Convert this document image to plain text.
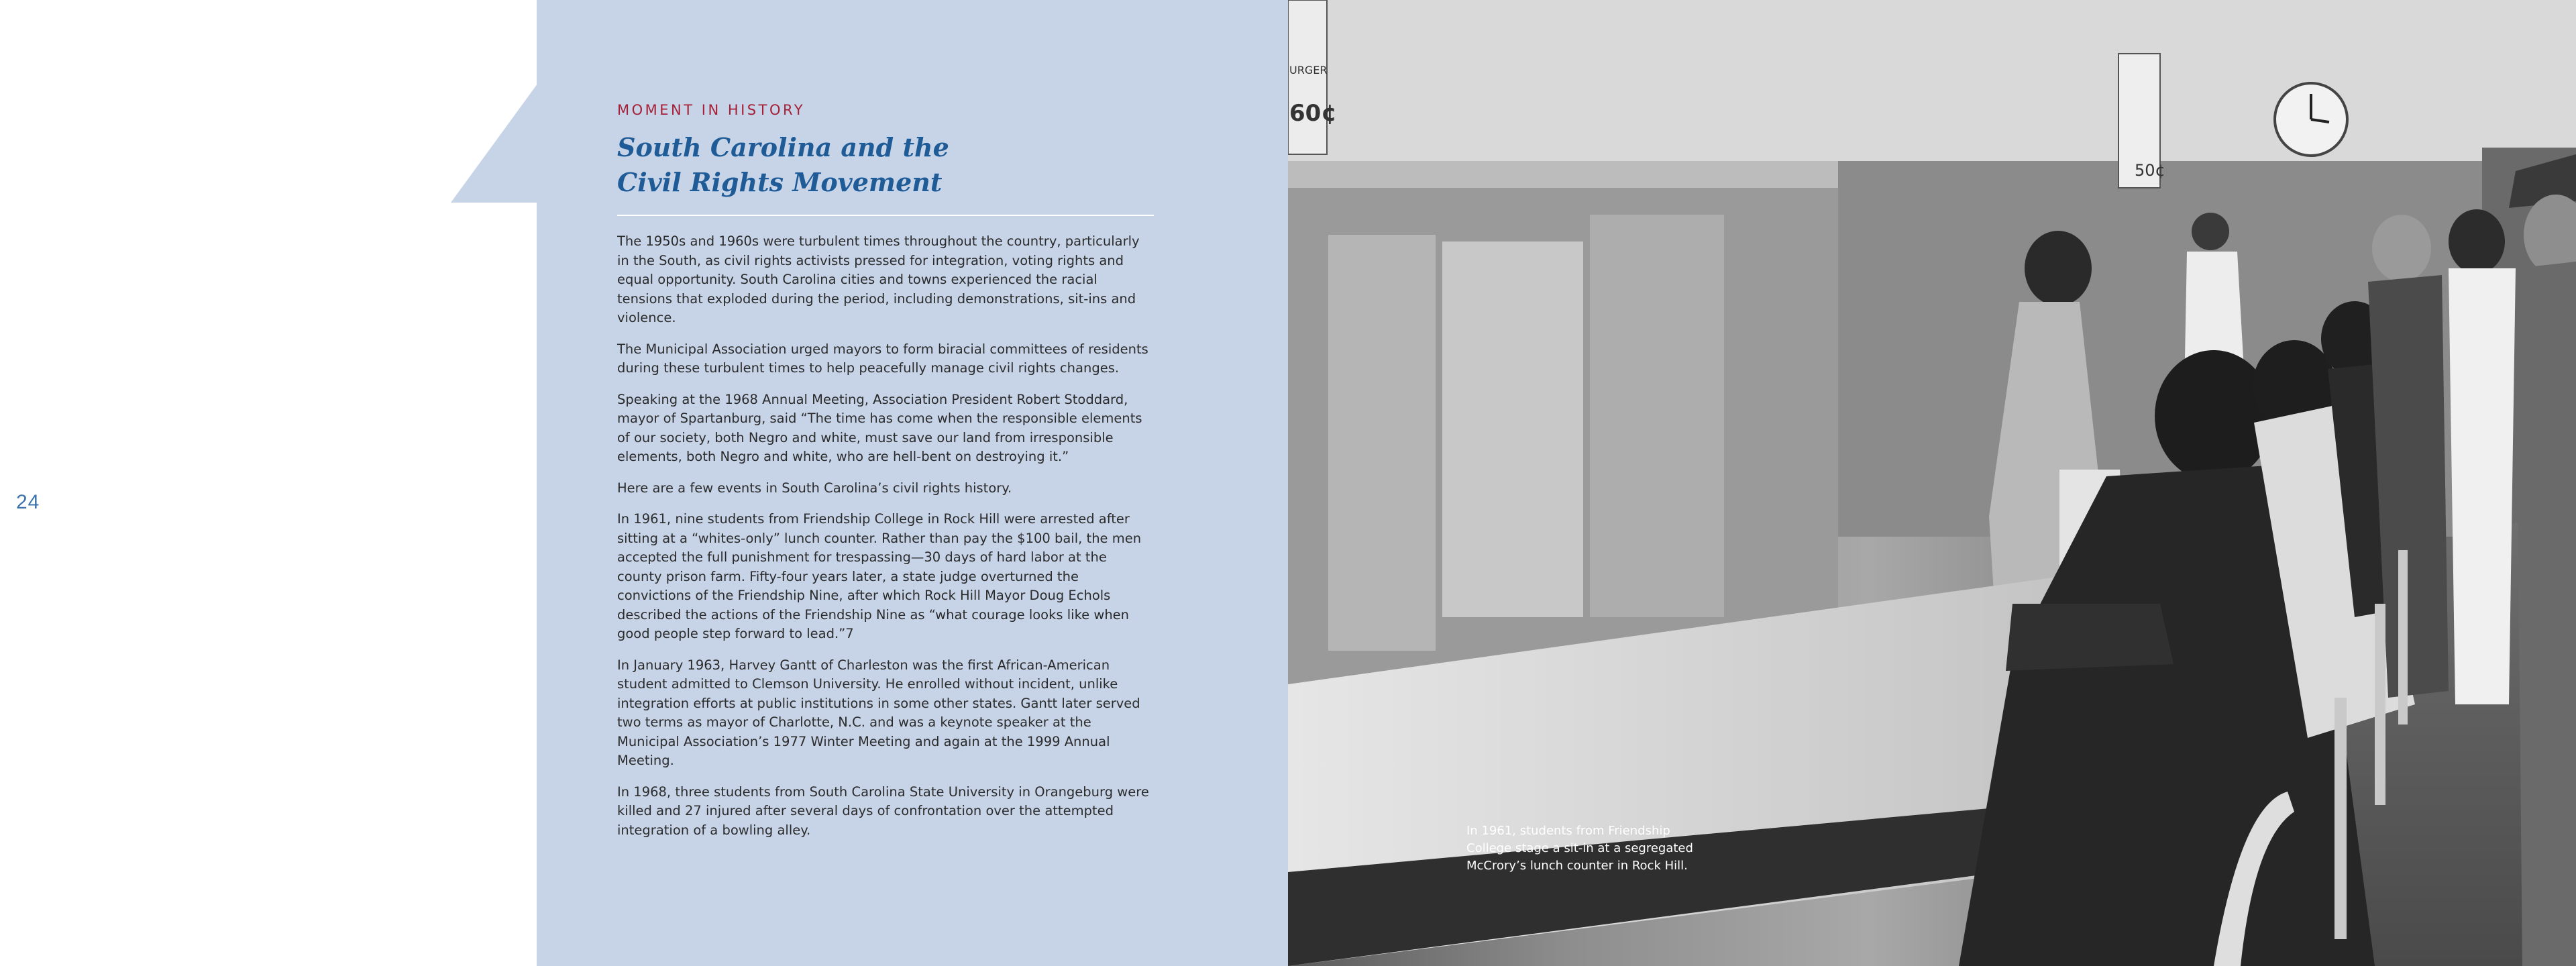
24

MOMENT IN HISTORY

South Carolina and the
Civil Rights Movement

The 1950s and 1960s were turbulent times throughout the country, particularly in the South, as civil rights activists pressed for integration, voting rights and equal opportunity. South Carolina cities and towns experienced the racial tensions that exploded during the period, including demonstrations, sit-ins and violence.

The Municipal Association urged mayors to form biracial committees of residents during these turbulent times to help peacefully manage civil rights changes.

Speaking at the 1968 Annual Meeting, Association President Robert Stoddard, mayor of Spartanburg, said “The time has come when the responsible elements of our society, both Negro and white, must save our land from irresponsible elements, both Negro and white, who are hell-bent on destroying it.”

Here are a few events in South Carolina’s civil rights history.

In 1961, nine students from Friendship College in Rock Hill were arrested after sitting at a “whites-only” lunch counter. Rather than pay the $100 bail, the men accepted the full punishment for trespassing—30 days of hard labor at the county prison farm. Fifty-four years later, a state judge overturned the convictions of the Friendship Nine, after which Rock Hill Mayor Doug Echols described the actions of the Friendship Nine as “what courage looks like when good people step forward to lead.”7

In January 1963, Harvey Gantt of Charleston was the first African-American student admitted to Clemson University. He enrolled without incident, unlike integration efforts at public institutions in some other states. Gantt later served two terms as mayor of Charlotte, N.C. and was a keynote speaker at the Municipal Association’s 1977 Winter Meeting and again at the 1999 Annual Meeting.

In 1968, three students from South Carolina State University in Orangeburg were killed and 27 injured after several days of confrontation over the attempted integration of a bowling alley.

URGER
60¢
50¢

In 1961, students from Friendship
College stage a sit-in at a segregated
McCrory’s lunch counter in Rock Hill.
